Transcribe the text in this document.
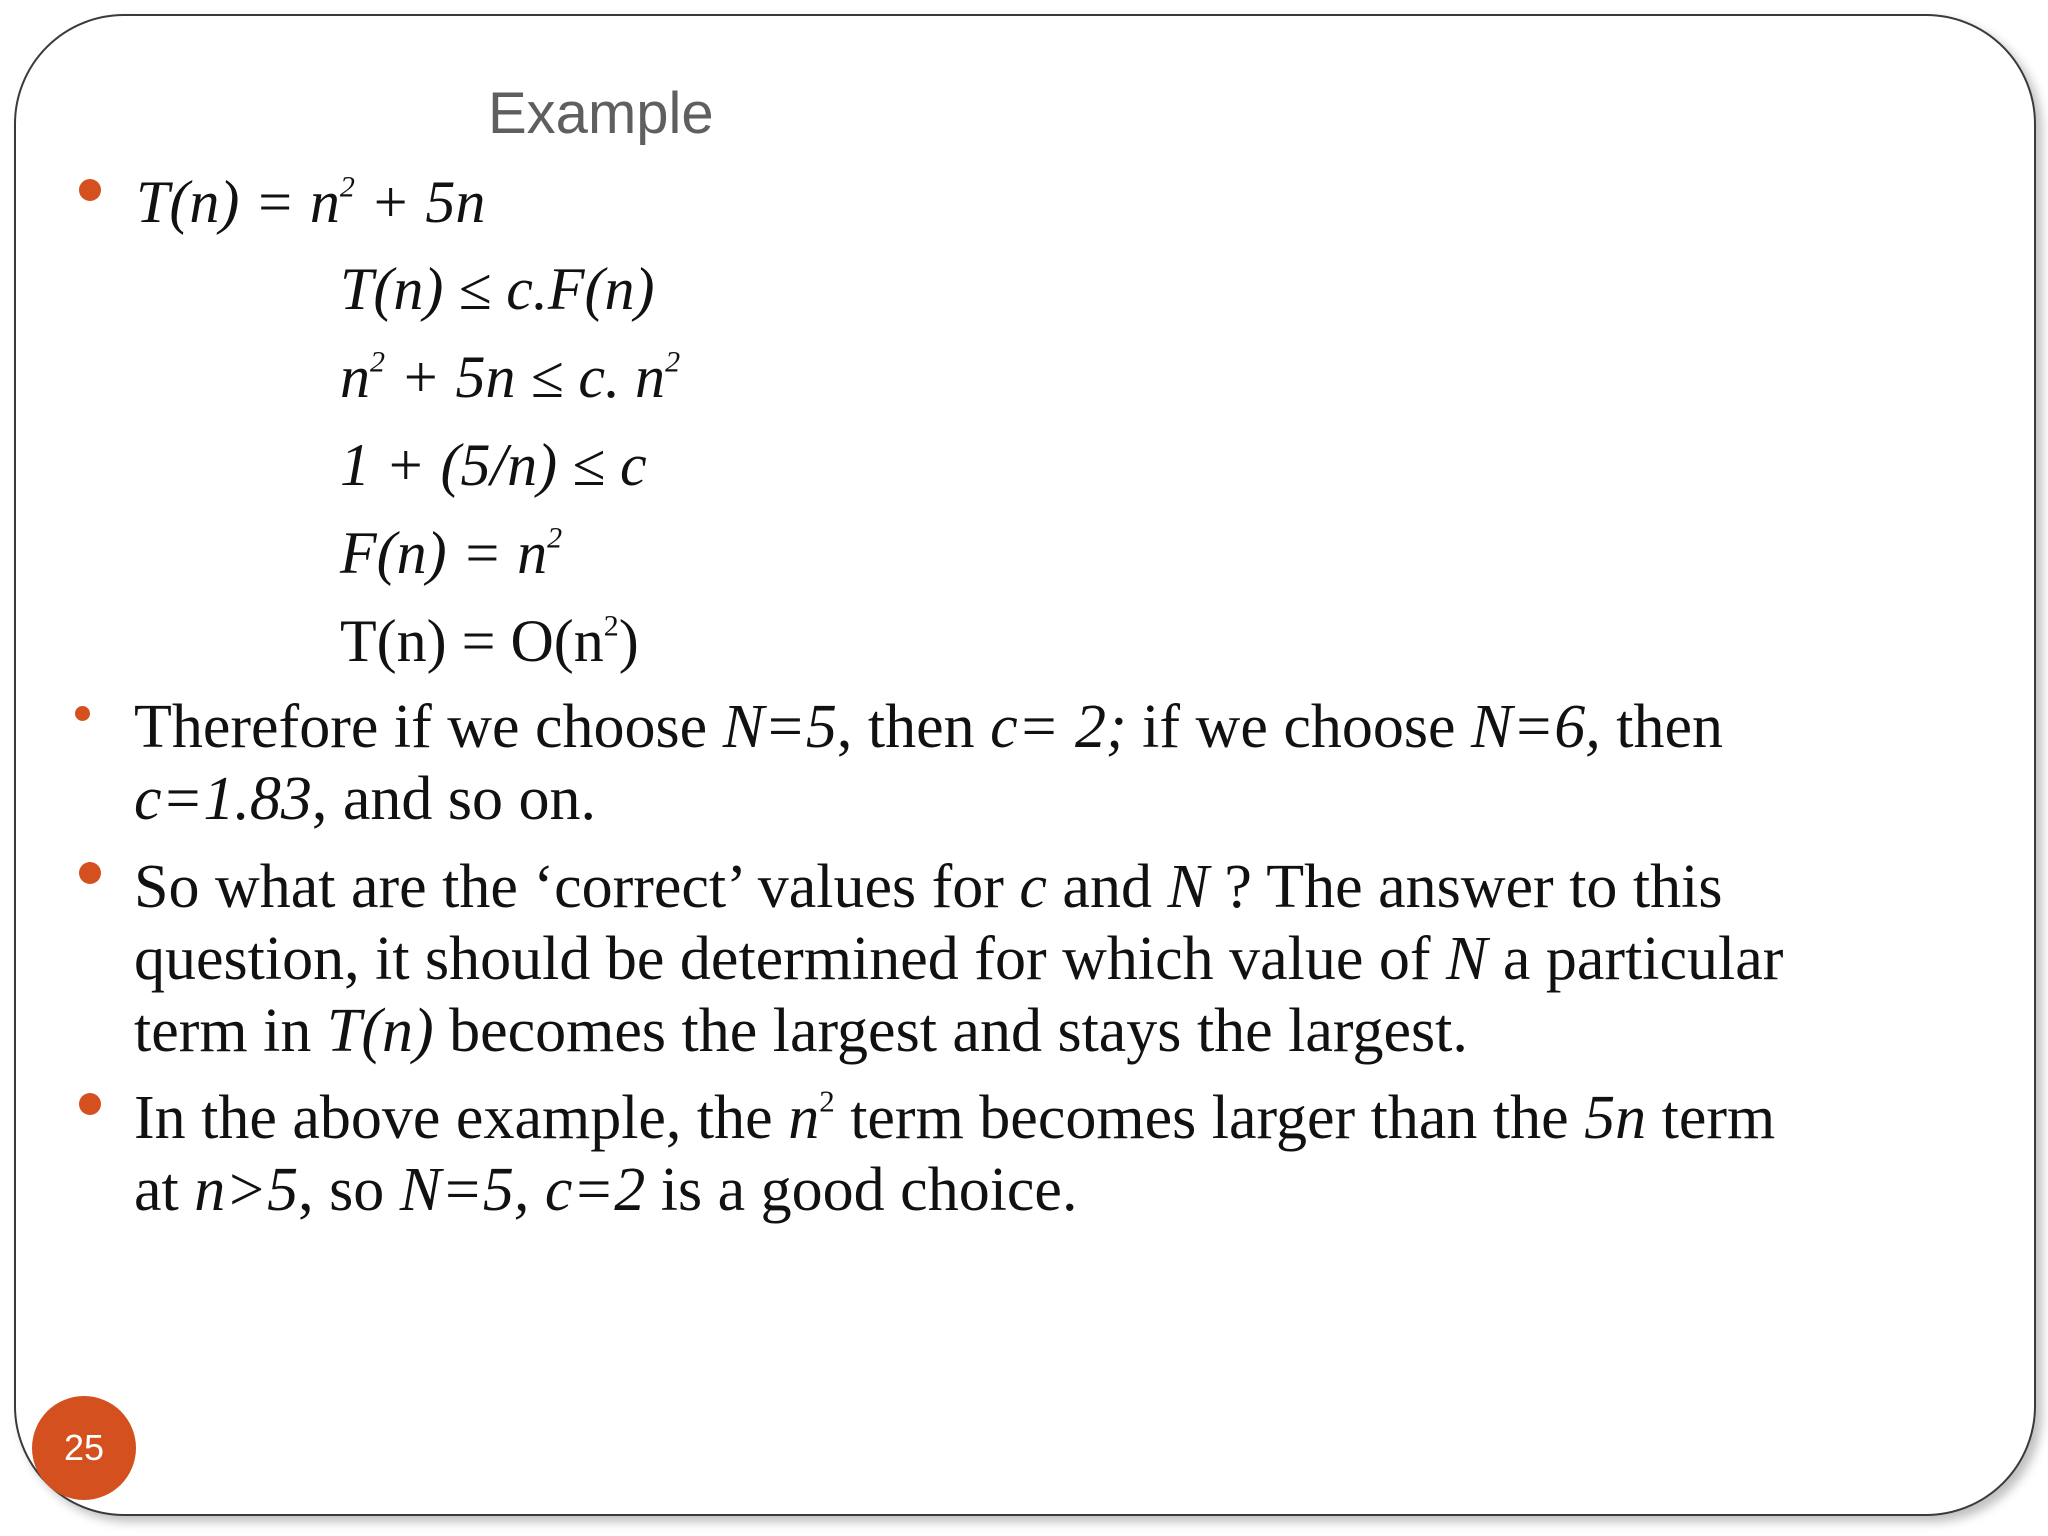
Example
$T(n) = n^2 + 5n$
T(n) ≤ c.F(n)
$n^2 + 5n \le c$. $n^2$
1 + (5/n) ≤ c
$F(n) = n^2$
$T(n) = O(n^2)$
Therefore if we choose N=5, then c= 2; if we choose N=6, then
c=1.83, and so on.
So what are the ‘correct’ values for c and N ? The answer to this
question, it should be determined for which value of N a particular
term in T(n) becomes the largest and stays the largest.
In the above example, the $n^2$ term becomes larger than the 5n term
at n>5, so N=5, c=2 is a good choice.
25
